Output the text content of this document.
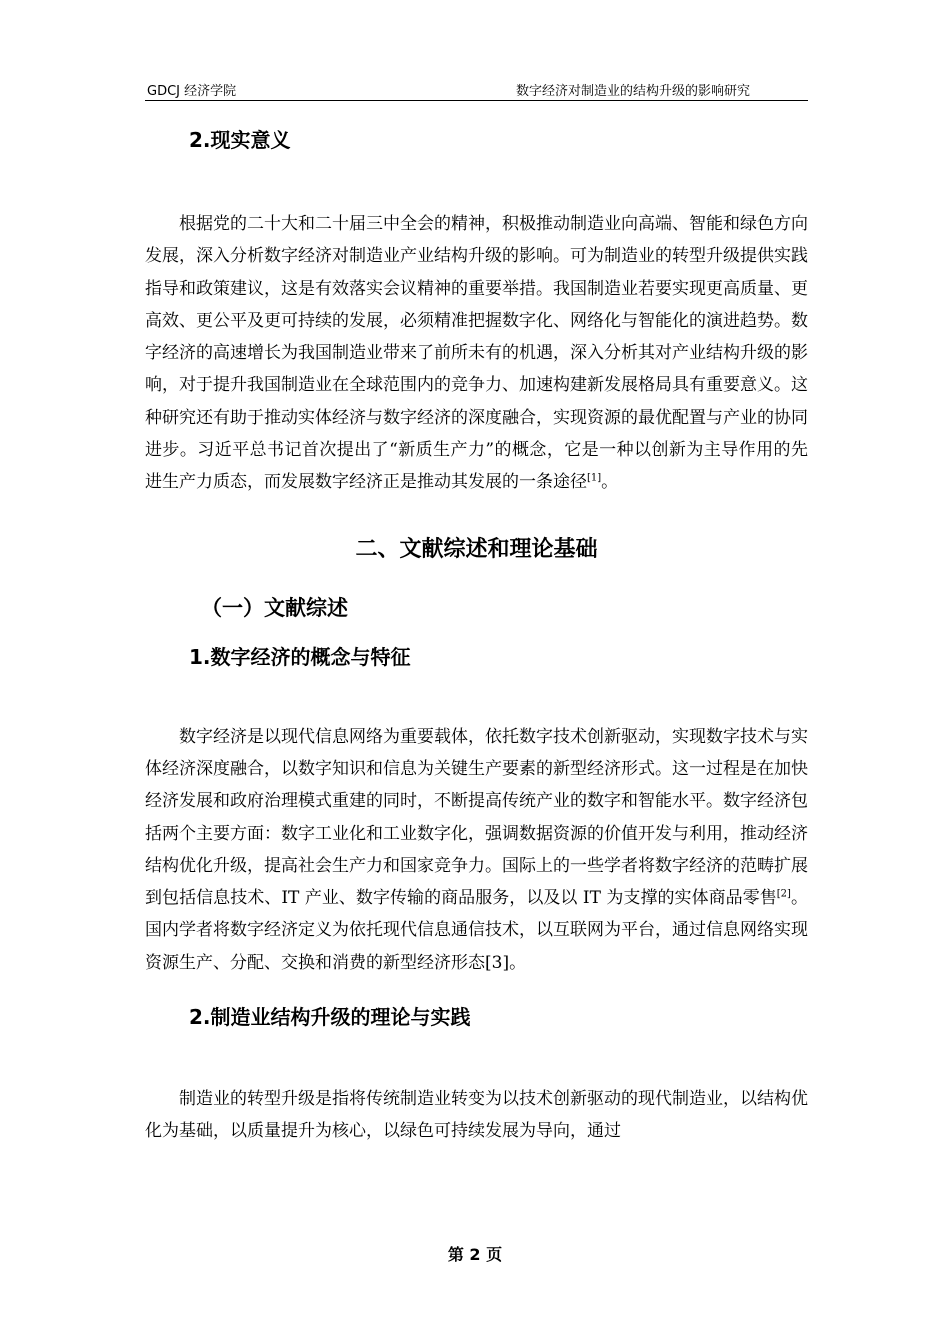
GDCJ 经济学院	数字经济对制造业的结构升级的影响研究
2.现实意义

根据党的二十大和二十届三中全会的精神，积极推动制造业向高端、智能和绿色方向发展，深入分析数字经济对制造业产业结构升级的影响。可为制造业的转型升级提供实践指导和政策建议，这是有效落实会议精神的重要举措。我国制造业若要实现更高质量、更高效、更公平及更可持续的发展，必须精准把握数字化、网络化与智能化的演进趋势。数字经济的高速增长为我国制造业带来了前所未有的机遇，深入分析其对产业结构升级的影响，对于提升我国制造业在全球范围内的竞争力、加速构建新发展格局具有重要意义。这种研究还有助于推动实体经济与数字经济的深度融合，实现资源的最优配置与产业的协同进步。习近平总书记首次提出了“新质生产力”的概念，它是一种以创新为主导作用的先进生产力质态，而发展数字经济正是推动其发展的一条途径[1]。

二、文献综述和理论基础
（一）文献综述
1.数字经济的概念与特征

数字经济是以现代信息网络为重要载体，依托数字技术创新驱动，实现数字技术与实体经济深度融合，以数字知识和信息为关键生产要素的新型经济形式。这一过程是在加快经济发展和政府治理模式重建的同时，不断提高传统产业的数字和智能水平。数字经济包括两个主要方面：数字工业化和工业数字化，强调数据资源的价值开发与利用，推动经济结构优化升级，提高社会生产力和国家竞争力。国际上的一些学者将数字经济的范畴扩展到包括信息技术、IT 产业、数字传输的商品服务，以及以 IT 为支撑的实体商品零售[2]。国内学者将数字经济定义为依托现代信息通信技术，以互联网为平台，通过信息网络实现资源生产、分配、交换和消费的新型经济形态[3]。

2.制造业结构升级的理论与实践

制造业的转型升级是指将传统制造业转变为以技术创新驱动的现代制造业，以结构优化为基础，以质量提升为核心，以绿色可持续发展为导向，通过

第 2 页
